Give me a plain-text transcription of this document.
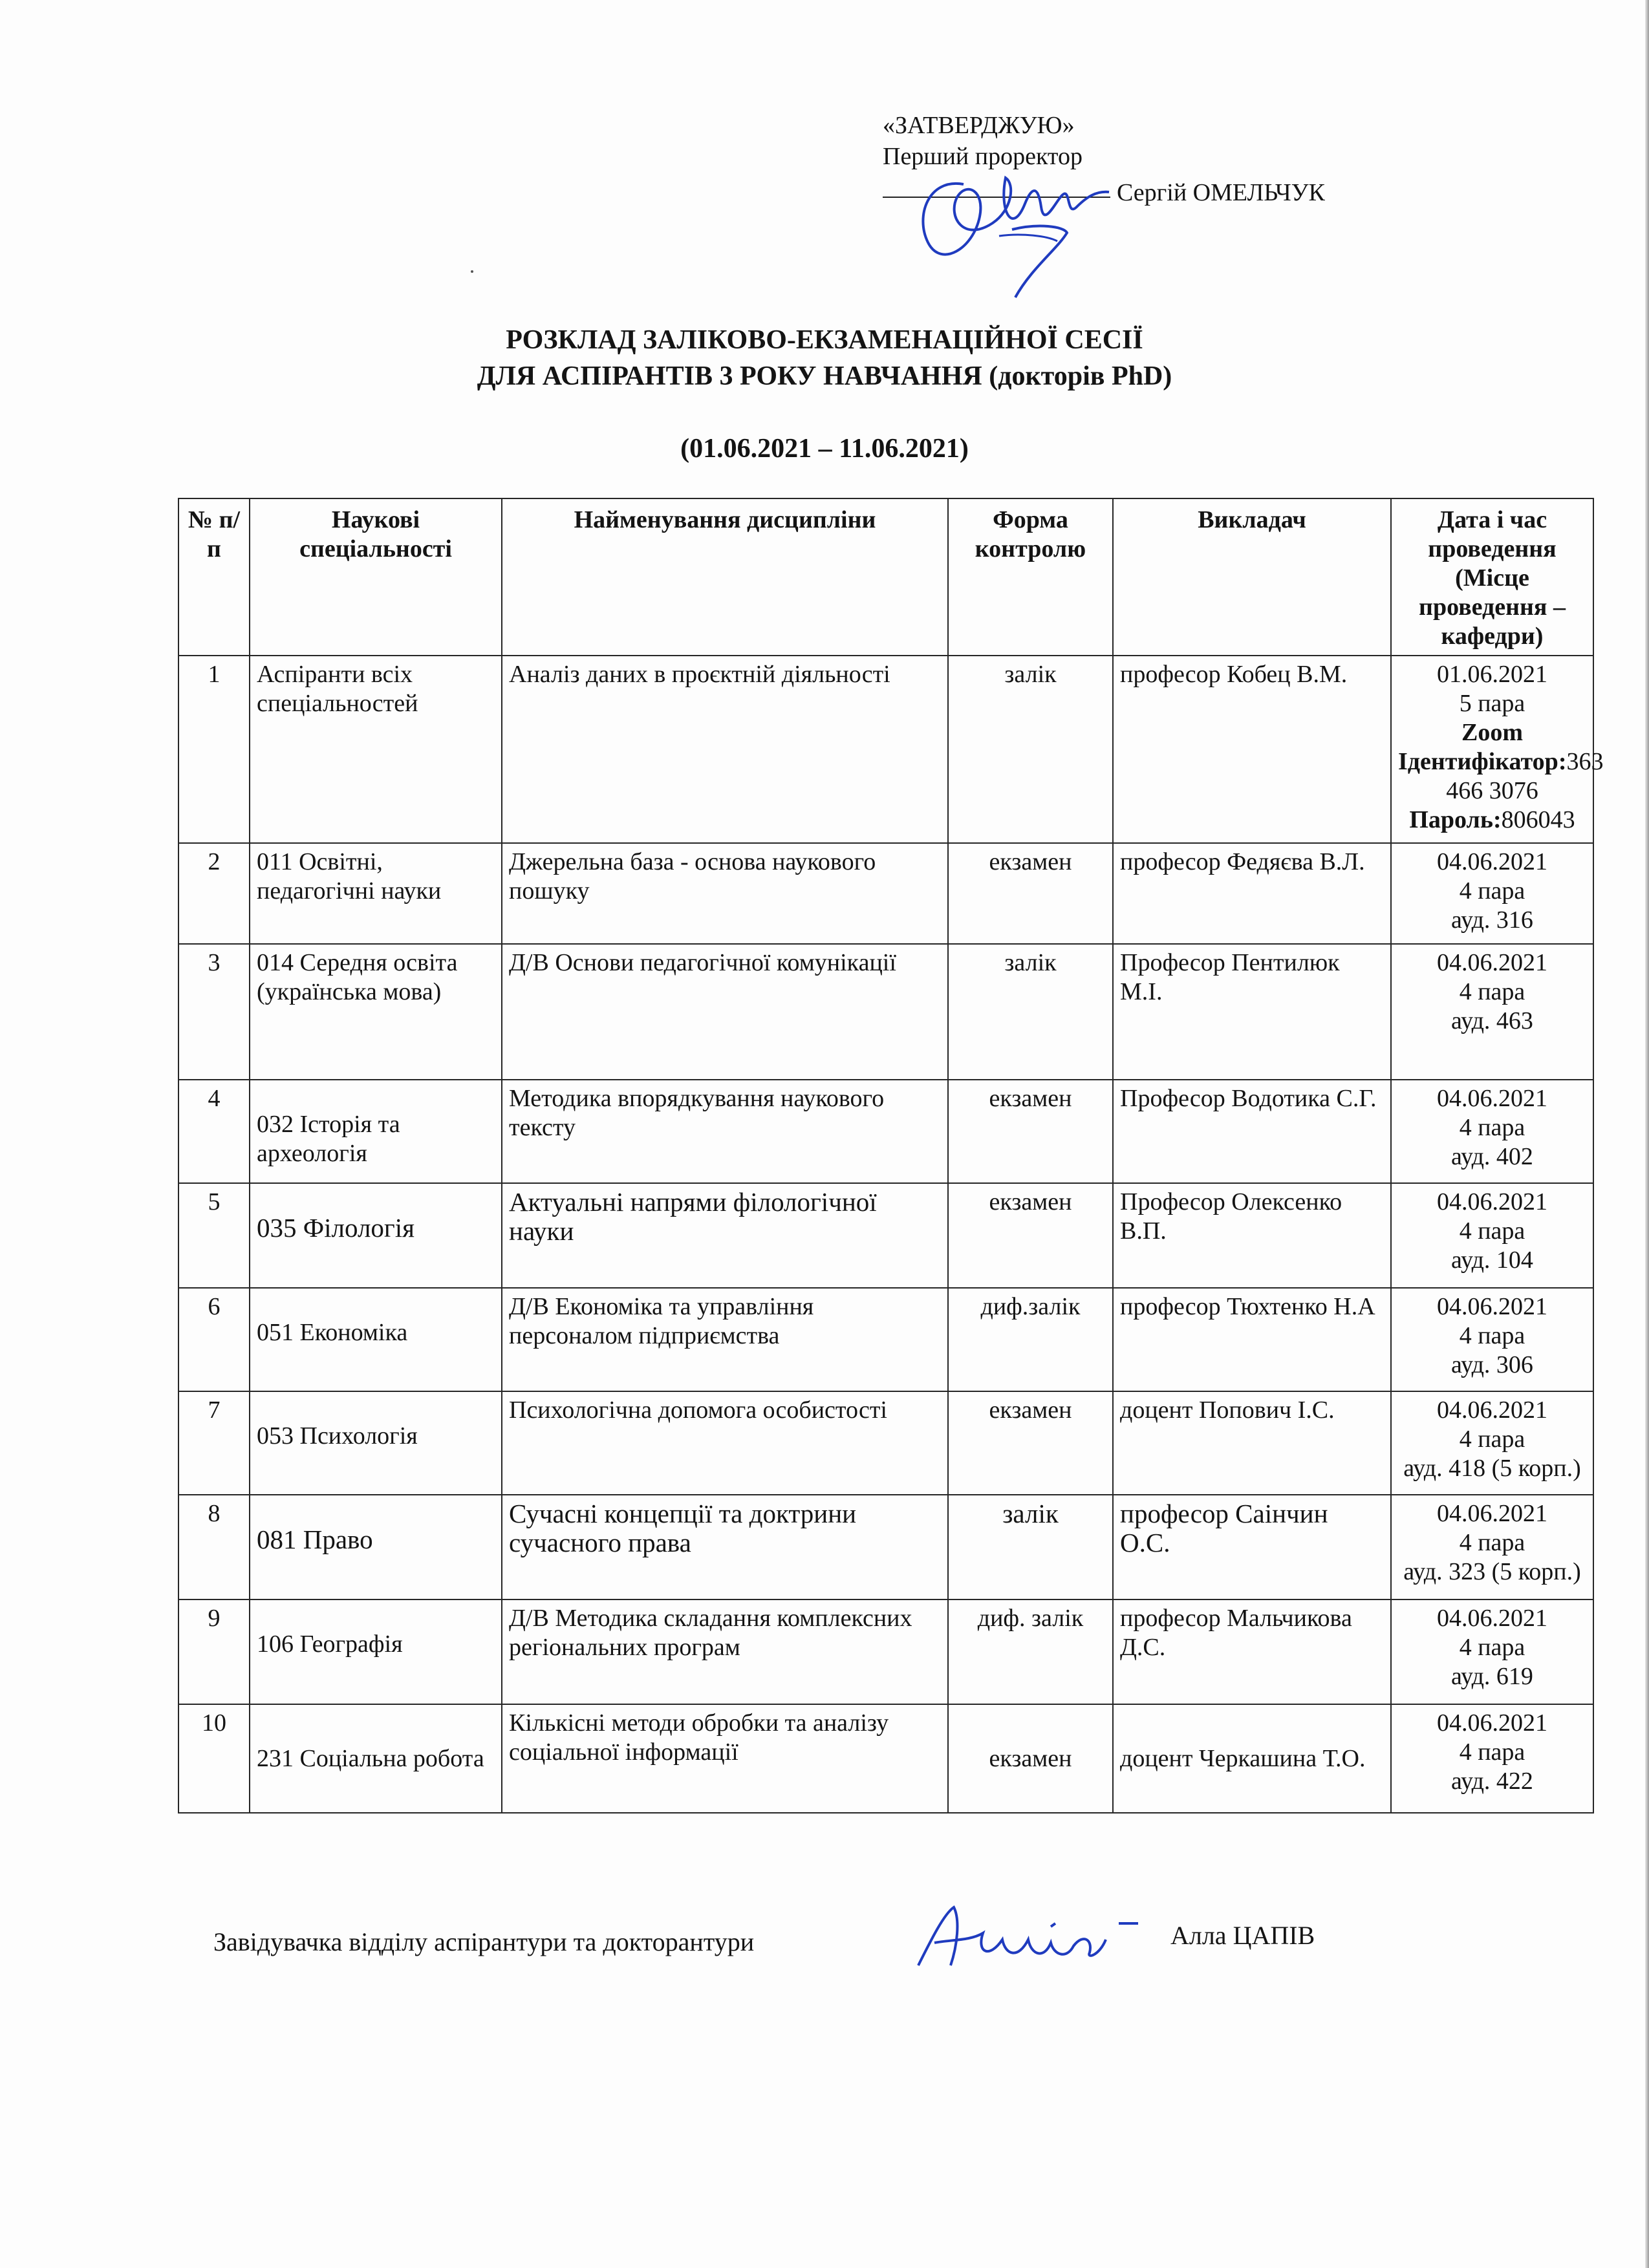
«ЗАТВЕРДЖУЮ»
Перший проректор
Сергій ОМЕЛЬЧУК
РОЗКЛАД ЗАЛІКОВО-ЕКЗАМЕНАЦІЙНОЇ СЕСІЇ
ДЛЯ АСПІРАНТІВ 3 РОКУ НАВЧАННЯ (докторів PhD)
(01.06.2021 – 11.06.2021)
№ п/п	Наукові спеціальності	Найменування дисципліни	Форма контролю	Викладач	Дата і час проведення (Місце проведення – кафедри)
1	Аспіранти всіх спеціальностей	Аналіз даних в проєктній діяльності	залік	професор Кобец В.М.	01.06.2021
5 пара
Zoom
Ідентифікатор:363 466 3076
Пароль:806043

2	011 Освітні, педагогічні науки	Джерельна база - основа наукового пошуку	екзамен	професор Федяєва В.Л.	04.06.2021
4 пара
ауд. 316

3	014 Середня освіта (українська мова)	Д/В Основи педагогічної комунікації	залік	Професор Пентилюк М.І.	04.06.2021
4 пара
ауд. 463

4	032 Історія та археологія	Методика впорядкування наукового тексту	екзамен	Професор Водотика С.Г.	04.06.2021
4 пара
ауд. 402

5	035 Філологія	Актуальні напрями філологічної науки	екзамен	Професор Олексенко В.П.	04.06.2021
4 пара
ауд. 104

6	051 Економіка	Д/В Економіка та управління персоналом підприємства	диф.залік	професор Тюхтенко Н.А	04.06.2021
4 пара
ауд. 306

7	053 Психологія	Психологічна допомога особистості	екзамен	доцент Попович І.С.	04.06.2021
4 пара
ауд. 418 (5 корп.)

8	081 Право	Сучасні концепції та доктрини сучасного права	залік	професор Саінчин О.С.	04.06.2021
4 пара
ауд. 323 (5 корп.)

9	106 Географія	Д/В Методика складання комплексних регіональних програм	диф. залік	професор Мальчикова Д.С.	04.06.2021
4 пара
ауд. 619

10	231 Соціальна робота	Кількісні методи обробки та аналізу соціальної інформації	екзамен	доцент Черкашина Т.О.	04.06.2021
4 пара
ауд. 422
Завідувачка відділу аспірантури та докторантури	Алла ЦАПІВ
